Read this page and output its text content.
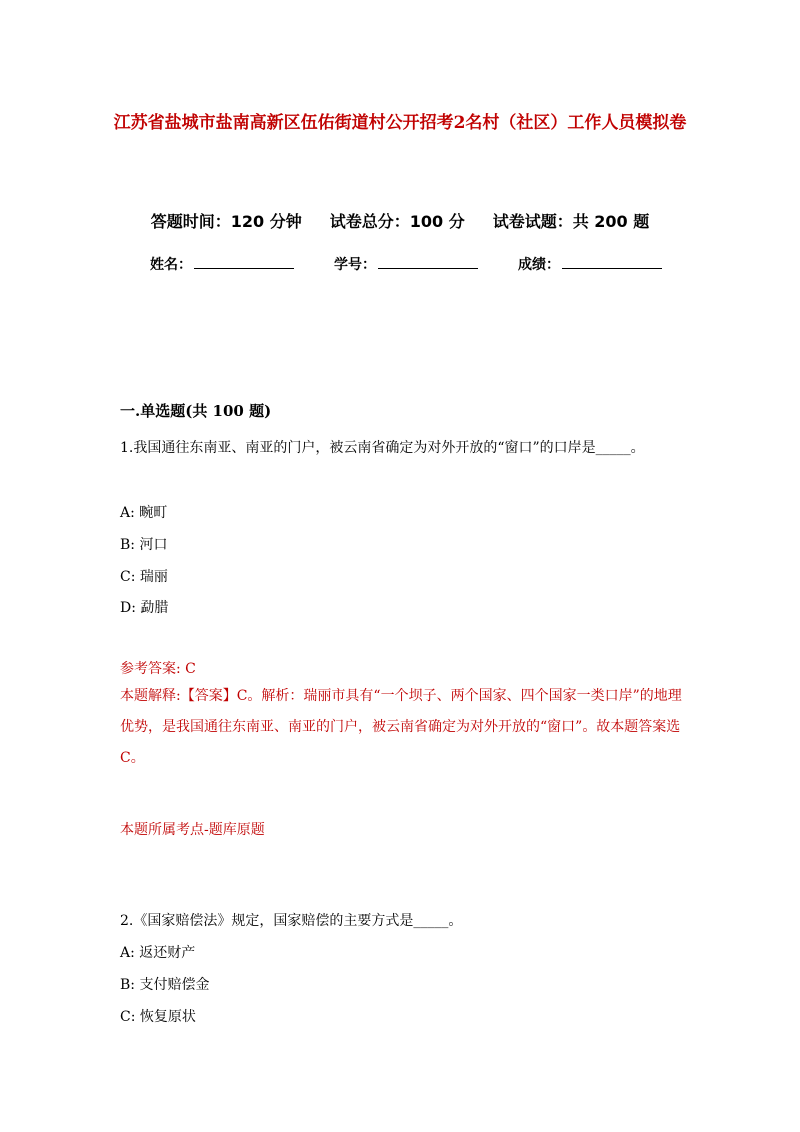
江苏省盐城市盐南高新区伍佑街道村公开招考2名村（社区）工作人员模拟卷
答题时间：120 分钟 试卷总分：100 分 试卷试题：共 200 题
姓名：	学号：	成绩：
一.单选题(共 100 题)
1.我国通往东南亚、南亚的门户，被云南省确定为对外开放的“窗口”的口岸是_____。
A: 畹町
B: 河口
C: 瑞丽
D: 勐腊
参考答案: C
本题解释:【答案】C。解析：瑞丽市具有“一个坝子、两个国家、四个国家一类口岸”的地理优势，是我国通往东南亚、南亚的门户，被云南省确定为对外开放的“窗口”。故本题答案选 C。
本题所属考点-题库原题
2.《国家赔偿法》规定，国家赔偿的主要方式是_____。
A: 返还财产
B: 支付赔偿金
C: 恢复原状
